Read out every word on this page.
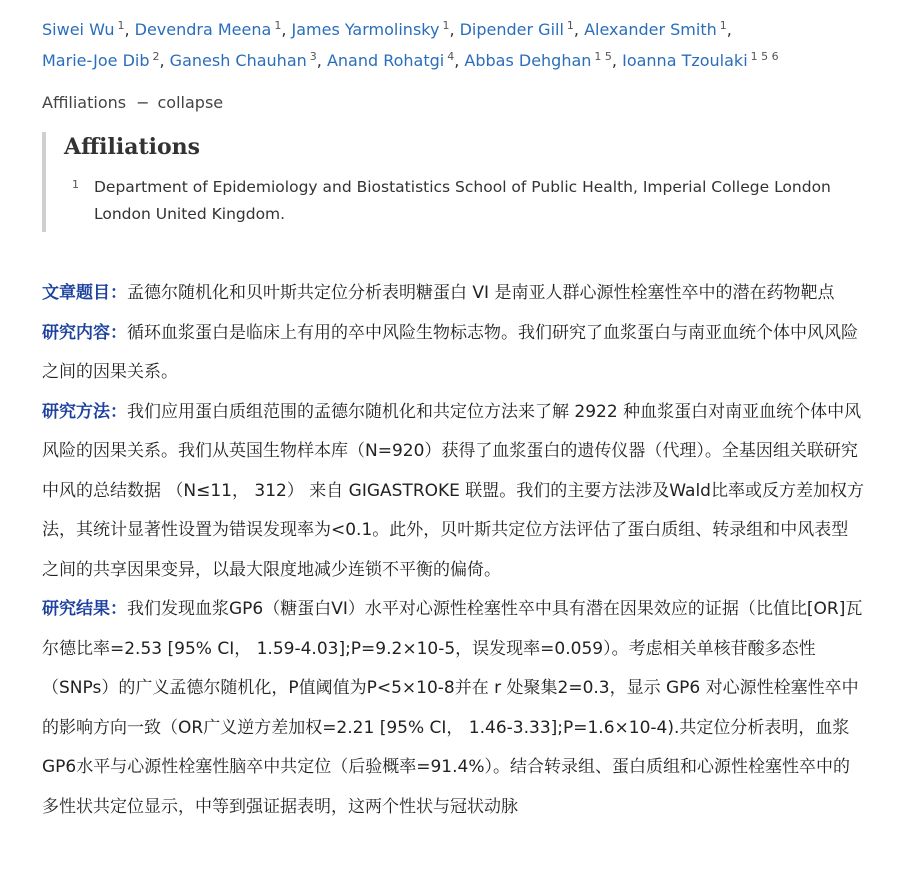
Siwei Wu $^1$, Devendra Meena $^1$, James Yarmolinsky $^1$, Dipender Gill $^1$, Alexander Smith $^1$,
Marie-Joe Dib $^2$, Ganesh Chauhan $^3$, Anand Rohatgi $^4$, Abbas Dehghan $^{1 5}$, Ioanna Tzoulaki $^{1 5 6}$
Affiliations − collapse
Affiliations
1 Department of Epidemiology and Biostatistics School of Public Health, Imperial College London London United Kingdom.

文章题目：孟德尔随机化和贝叶斯共定位分析表明糖蛋白 VI 是南亚人群心源性栓塞性卒中的潜在药物靶点

研究内容：循环血浆蛋白是临床上有用的卒中风险生物标志物。我们研究了血浆蛋白与南亚血统个体中风风险之间的因果关系。

研究方法：我们应用蛋白质组范围的孟德尔随机化和共定位方法来了解 2922 种血浆蛋白对南亚血统个体中风风险的因果关系。我们从英国生物样本库（N=920）获得了血浆蛋白的遗传仪器（代理）。全基因组关联研究 中风的总结数据 （N≤11， 312） 来自 GIGASTROKE 联盟。我们的主要方法涉及Wald比率或反方差加权方法，其统计显著性设置为错误发现率为<0.1。此外，贝叶斯共定位方法评估了蛋白质组、转录组和中风表型之间的共享因果变异，以最大限度地减少连锁不平衡的偏倚。

研究结果：我们发现血浆GP6（糖蛋白VI）水平对心源性栓塞性卒中具有潜在因果效应的证据（比值比[OR]瓦尔德比率=2.53 [95% CI， 1.59-4.03];P=9.2×10-5，误发现率=0.059）。考虑相关单核苷酸多态性（SNPs）的广义孟德尔随机化，P值阈值为P<5×10-8并在 r 处聚集2=0.3，显示 GP6 对心源性栓塞性卒中的影响方向一致（OR广义逆方差加权=2.21 [95% CI， 1.46-3.33];P=1.6×10-4).共定位分析表明，血浆GP6水平与心源性栓塞性脑卒中共定位（后验概率=91.4%）。结合转录组、蛋白质组和心源性栓塞性卒中的多性状共定位显示，中等到强证据表明，这两个性状与冠状动脉
